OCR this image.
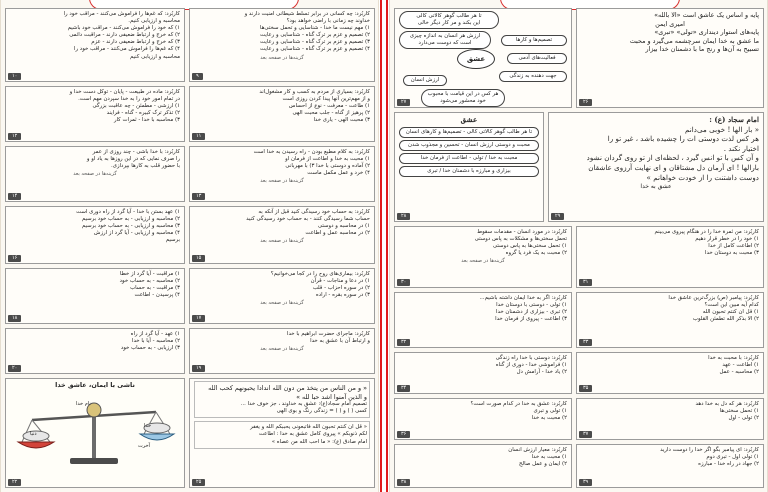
کاربُرد: که غم‌ها را فراموش می‌کنند - مراقب خود را

محاسبه و ارزیابی کنیم.

۱) که خود را فراموش می‌کنند - مراقب خود باشیم

۲) که خرج و ارتباط ضعیفی دارند - مراقبت دائمی

۳) که خرج و ارتباط ضعیفی دارند - عزم

۴) که غم‌ها را فراموش می‌کنند - مراقب خود را

محاسبه و ارزیابی کنیم

۱۰

کاربُرد: چه کسانی در برابر تسلط شیطانی امنیت دارند و

خداوند چه زمانی با راضی خواهد بود؟

۱) مهم نیست ما خدا - شناسایی و تحمل سختی‌ها

۲) تصمیم و عزم بر ترک گناه - شناسایی و رعایت

۳) تصمیم و عزم بر ترک گناه - شناسایی و رعایت

۴) تصمیم و عزم بر ترک گناه - شناسایی و رعایت

گزینه‌ها در صفحه بعد
۹

کاربُرد: ماده در طبیعت - پایان - توکل دست خدا و

در تمام امور خود را به خدا سپردن مهم است.

۱) ارزشی - مطمئن - چه عاقبت بزرگی

۲) تذکر ترک کبیره - گناه - فرایند

۳) محاسبه با خدا - ثمرات کار

۱۲

کاربُرد: بسیاری از مردم به کسب و کار مشغول‌اند

و از مهم‌ترین آنها پیدا کردن روزی است

۱) طاعت - معرفت - نوع از احساس

۲) پرهیز از گناه - جلب محبت الهی

۳) محبت الهی - یاری خدا

۱۱

کاربُرد: با خدا باشی - چند روزی از عمر

را صرف نمایی که در این روزها به یاد او و

با حضور قلب به کارها بپردازی.

گزینه‌ها در صفحه بعد
۱۴

کاربُرد: به کلام مطیع بودن - راه رسیدن به خدا است

۱) محبت به خدا و اطاعت از فرمان او

۲) آماده و دوستی با خدا ۳) با مهربانی

۴) خرد و عمل مکمل ماست

گزینه‌ها در صفحه بعد
۱۳

۱) عهد بستن با خدا - آیا گرد از راه دوری است

۲) محاسبه و ارزیابی - به حساب خود برسیم

۳) محاسبه و ارزیابی - به حساب خود برسیم

۴) محاسبه و ارزیابی - آیا گرد از ارزش

برسیم

۱۶

کاربُرد: به حساب خود رسیدگی کنید قبل از آنکه به

حساب شما رسیدگی کنند - به حساب خود رسیدگی کنید

۱) در محاسبه و دوستی

۲) در محاسبه عمل و اطاعت

گزینه‌ها در صفحه بعد
۱۵

۱) مراقبت - آیا گرد از خطا

۲) محاسبه - به حساب خود

۳) مراقبت - به حساب

۴) پرسیدن - اطاعت

۱۸

کاربُرد: بیماری‌های روح را در کجا می‌خوانیم؟

۱) در دعا و مناجات - قرآن

۲) در سوره احزاب - قلب

۳) در سوره بقره - اراده

گزینه‌ها در صفحه بعد
۱۷

۱) عهد - آیا گرد از راه

۲) محاسبه - آیا با خدا

۳) ارزیابی - به حساب خود

۲۰

کاربُرد: ماجرای حضرت ابراهیم با خدا

و ارتباط آن با عشق به خدا

گزینه‌ها در صفحه بعد
۱۹

ناشی با ایمان، عاشق خدا

دنیا
خدا
نام خدا
آخرت
۲۲

« و من الناس من یتخذ من دون الله اندادا یحبونهم کحب الله

و الذین آمنوا اشد حبا لله »

تصمیم امام سجاد(ع): عشق به خداوند ، جز خوف خدا ...

کسی ( ) و ( ) = زندگی رنگ و بوی الهی

« قل ان کنتم تحبون الله فاتبعونی یحببکم الله و یغفر

لکم ذنوبکم » پیروی کامل عشق به خدا : اطاعت

امام صادق (ع): « ما احب الله من عصاه »

۲۵
تا هر طالب گوهر کالاتی کالی
این بکند و مر کار دیگر خالی
ارزش هر انسان به اندازه چیزی است که دوست می‌دارد
عشق
تصمیم‌ها و کارها
فعالیت‌های آدمی
جهت دهنده به زندگی
ارزش انسان
هر کس در این قیامت با محبوب خود محشور می‌شود
۲۷

پایه و اساس یک عاشق است «الا بالله»

امیری ایمن

پایه‌های استوار دینداری «تولی» «تبری»

ما عشق به خدا ایمان سرچشمه می‌گیرد و محبت

تسبیح به آن‌ها و رنج ما با دشمنان خدا بیزار

۲۶

عشق

تا هر طالب گوهر کالاتی کالی - تصمیم‌ها و کارهای انسان
محبت و دوستی ارزش انسان - تحسین و مجذوب شدن
محبت به خدا / تولی - اطاعت از فرمان خدا
بیزاری و مبارزه با دشمنان خدا / تبری
۲۸

امام سجاد (ع) :

« بار الها ! خوبی می‌دانم

هر کس لذت دوستی ات را چشیده باشد ، غیر تو را

اختیار نکند .

و آن کس با تو انس گیرد ، لحظه‌ای از تو روی گردان نشود

بارالها ! ای آرمان دل مشتاقان و ای نهایت آرزوی عاشقان

دوست داشتنت را از خودت خواهانم »

عشق به خدا

۲۹

کاربُرد: در مورد انسان - مقدمات سقوط

تحمل سختی‌ها و مشکلات به پاس دوستی

۱) تحمل سختی‌ها به پاس دوستی

۲) محبت به یک فرد یا گروه

گزینه‌ها در صفحه بعد
۳۰

کاربُرد: من ثمرة خدا را در هنگام پیروی می‌بینم

۱) خود را در خطر قرار دهیم

۲) اطاعت کامل از خدا

۳) محبت به دوستان خدا

۳۱

کاربُرد: اگر به خدا ایمان داشته باشیم...

۱) تولی - دوستی با دوستان خدا

۲) تبری - بیزاری از دشمنان خدا

۳) اطاعت - پیروی از فرمان خدا

۳۲

کاربُرد: پیامبر (ص) بزرگ‌ترین عاشق خدا

کدام آیه مبین این است؟

۱) قل ان کنتم تحبون الله

۲) الا بذکر الله تطمئن القلوب

۳۳

کاربُرد: دوستی با خدا راه زندگی

۱) فراموشی خدا - دوری از گناه

۲) یاد خدا - آرامش دل

۳۴

کاربُرد: با محبت به خدا

۱) اطاعت - عهد

۲) محاسبه - عمل

۳۵

کاربُرد: عشق به خدا در کدام صورت است؟

۱) تولی و تبری

۲) محبت به خدا

۳۶

کاربُرد: هر که دل به خدا دهد

۱) تحمل سختی‌ها

۲) تولی - اول

۳۷

کاربُرد: معیار ارزش انسان

۱) محبت به خدا

۲) ایمان و عمل صالح

۳۸

کاربُرد: ای پیامبر بگو اگر خدا را دوست دارید

۱) تولی اول - تبری دوم

۲) جهاد در راه خدا - مبارزه

۳۹
